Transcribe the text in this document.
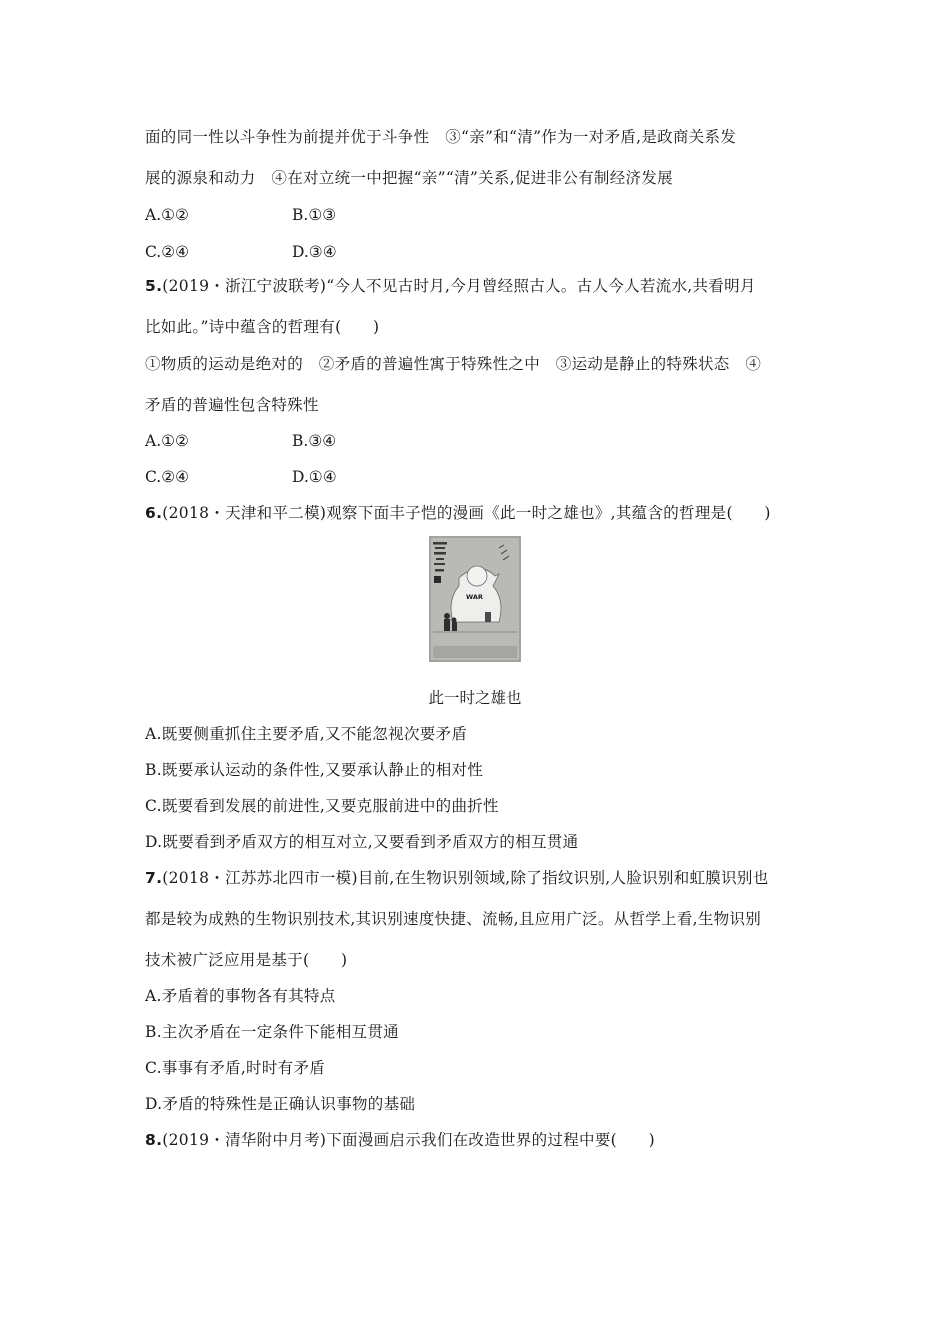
面的同一性以斗争性为前提并优于斗争性　③“亲”和“清”作为一对矛盾,是政商关系发
展的源泉和动力　④在对立统一中把握“亲”“清”关系,促进非公有制经济发展
A.①②	B.①③
C.②④	D.③④
5.(2019・浙江宁波联考)“今人不见古时月,今月曾经照古人。古人今人若流水,共看明月
比如此。”诗中蕴含的哲理有(　　)
①物质的运动是绝对的　②矛盾的普遍性寓于特殊性之中　③运动是静止的特殊状态　④
矛盾的普遍性包含特殊性
A.①②	B.③④
C.②④	D.①④
6.(2018・天津和平二模)观察下面丰子恺的漫画《此一时之雄也》,其蕴含的哲理是(　　)
WAR
此一时之雄也
A.既要侧重抓住主要矛盾,又不能忽视次要矛盾
B.既要承认运动的条件性,又要承认静止的相对性
C.既要看到发展的前进性,又要克服前进中的曲折性
D.既要看到矛盾双方的相互对立,又要看到矛盾双方的相互贯通
7.(2018・江苏苏北四市一模)目前,在生物识别领域,除了指纹识别,人脸识别和虹膜识别也
都是较为成熟的生物识别技术,其识别速度快捷、流畅,且应用广泛。从哲学上看,生物识别
技术被广泛应用是基于(　　)
A.矛盾着的事物各有其特点
B.主次矛盾在一定条件下能相互贯通
C.事事有矛盾,时时有矛盾
D.矛盾的特殊性是正确认识事物的基础
8.(2019・清华附中月考)下面漫画启示我们在改造世界的过程中要(　　)
